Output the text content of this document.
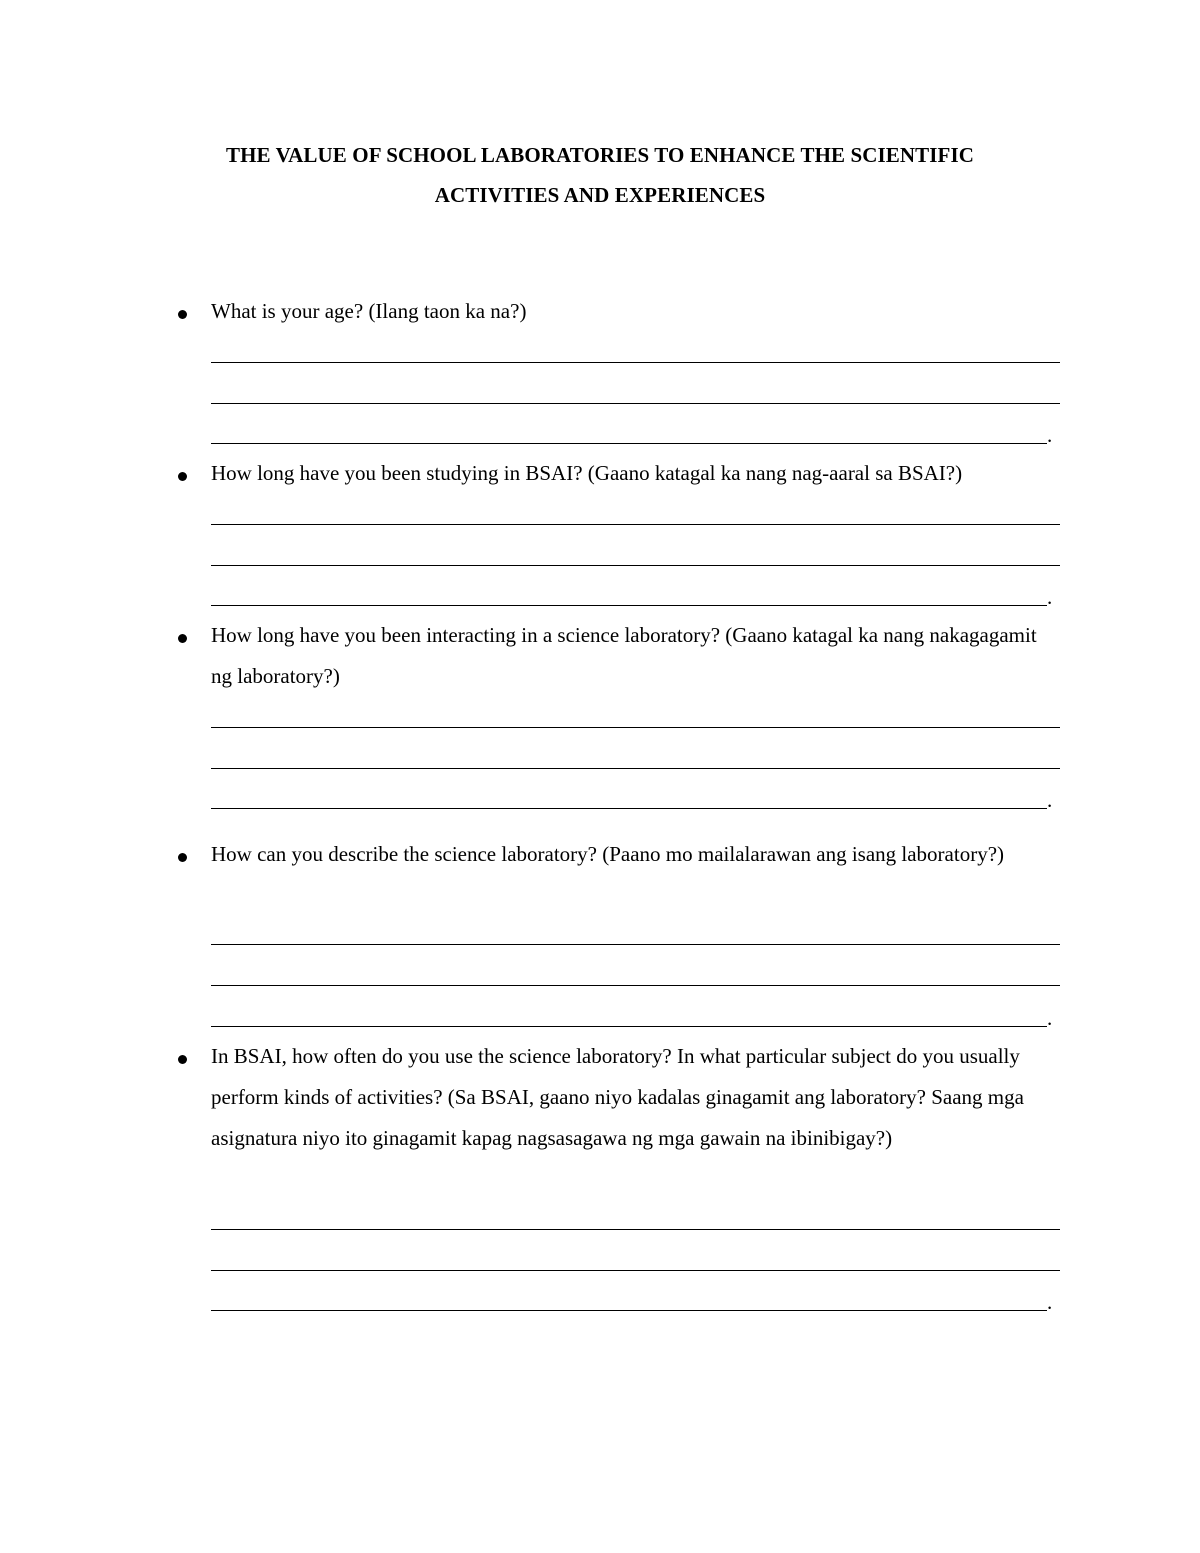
THE VALUE OF SCHOOL LABORATORIES TO ENHANCE THE SCIENTIFIC
ACTIVITIES AND EXPERIENCES
What is your age? (Ilang taon ka na?)
.
How long have you been studying in BSAI? (Gaano katagal ka nang nag-aaral sa BSAI?)
.
How long have you been interacting in a science laboratory? (Gaano katagal ka nang nakagagamit ng laboratory?)
.
How can you describe the science laboratory? (Paano mo mailalarawan ang isang laboratory?)
.
In BSAI, how often do you use the science laboratory? In what particular subject do you usually perform kinds of activities? (Sa BSAI, gaano niyo kadalas ginagamit ang laboratory? Saang mga asignatura niyo ito ginagamit kapag nagsasagawa ng mga gawain na ibinibigay?)
.
